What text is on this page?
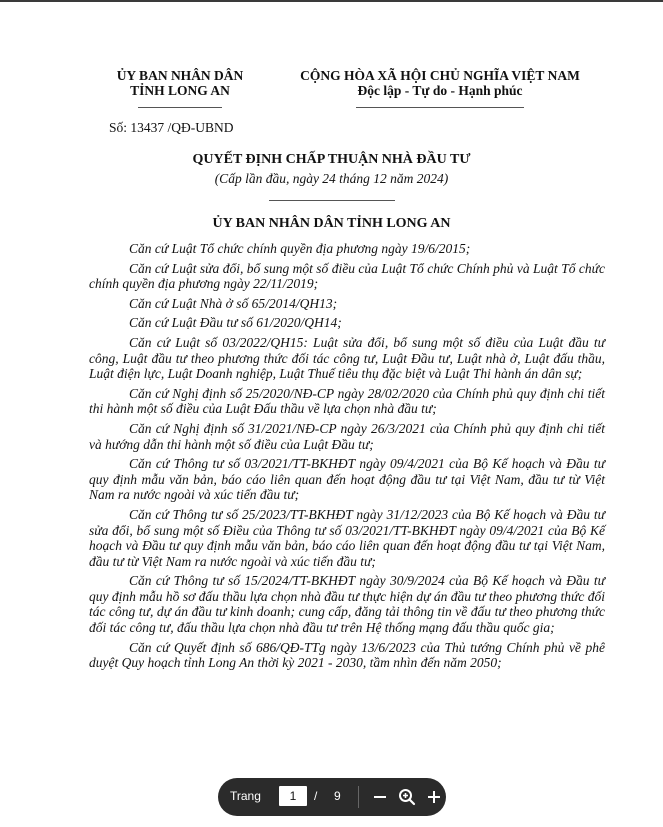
ỦY BAN NHÂN DÂN
TỈNH LONG AN
CỘNG HÒA XÃ HỘI CHỦ NGHĨA VIỆT NAM
Độc lập - Tự do - Hạnh phúc
Số: 13437 /QĐ-UBND
QUYẾT ĐỊNH CHẤP THUẬN NHÀ ĐẦU TƯ
(Cấp lần đầu, ngày 24 tháng 12 năm 2024)
ỦY BAN NHÂN DÂN TỈNH LONG AN

Căn cứ Luật Tổ chức chính quyền địa phương ngày 19/6/2015;

Căn cứ Luật sửa đổi, bổ sung một số điều của Luật Tổ chức Chính phủ và Luật Tổ chức chính quyền địa phương ngày 22/11/2019;

Căn cứ Luật Nhà ở số 65/2014/QH13;

Căn cứ Luật Đầu tư số 61/2020/QH14;

Căn cứ Luật số 03/2022/QH15: Luật sửa đổi, bổ sung một số điều của Luật đầu tư công, Luật đầu tư theo phương thức đối tác công tư, Luật Đầu tư, Luật nhà ở, Luật đấu thầu, Luật điện lực, Luật Doanh nghiệp, Luật Thuế tiêu thụ đặc biệt và Luật Thi hành án dân sự;

Căn cứ Nghị định số 25/2020/NĐ-CP ngày 28/02/2020 của Chính phủ quy định chi tiết thi hành một số điều của Luật Đấu thầu về lựa chọn nhà đầu tư;

Căn cứ Nghị định số 31/2021/NĐ-CP ngày 26/3/2021 của Chính phủ quy định chi tiết và hướng dẫn thi hành một số điều của Luật Đầu tư;

Căn cứ Thông tư số 03/2021/TT-BKHĐT ngày 09/4/2021 của Bộ Kế hoạch và Đầu tư quy định mẫu văn bản, báo cáo liên quan đến hoạt động đầu tư tại Việt Nam, đầu tư từ Việt Nam ra nước ngoài và xúc tiến đầu tư;

Căn cứ Thông tư số 25/2023/TT-BKHĐT ngày 31/12/2023 của Bộ Kế hoạch và Đầu tư sửa đổi, bổ sung một số Điều của Thông tư số 03/2021/TT-BKHĐT ngày 09/4/2021 của Bộ Kế hoạch và Đầu tư quy định mẫu văn bản, báo cáo liên quan đến hoạt động đầu tư tại Việt Nam, đầu tư từ Việt Nam ra nước ngoài và xúc tiến đầu tư;

Căn cứ Thông tư số 15/2024/TT-BKHĐT ngày 30/9/2024 của Bộ Kế hoạch và Đầu tư quy định mẫu hồ sơ đấu thầu lựa chọn nhà đầu tư thực hiện dự án đầu tư theo phương thức đối tác công tư, dự án đầu tư kinh doanh; cung cấp, đăng tải thông tin về đấu tư theo phương thức đối tác công tư, đấu thầu lựa chọn nhà đầu tư trên Hệ thống mạng đấu thầu quốc gia;

Căn cứ Quyết định số 686/QĐ-TTg ngày 13/6/2023 của Thủ tướng Chính phủ về phê duyệt Quy hoạch tỉnh Long An thời kỳ 2021 - 2030, tầm nhìn đến năm 2050;

Trang	1	/ 9
